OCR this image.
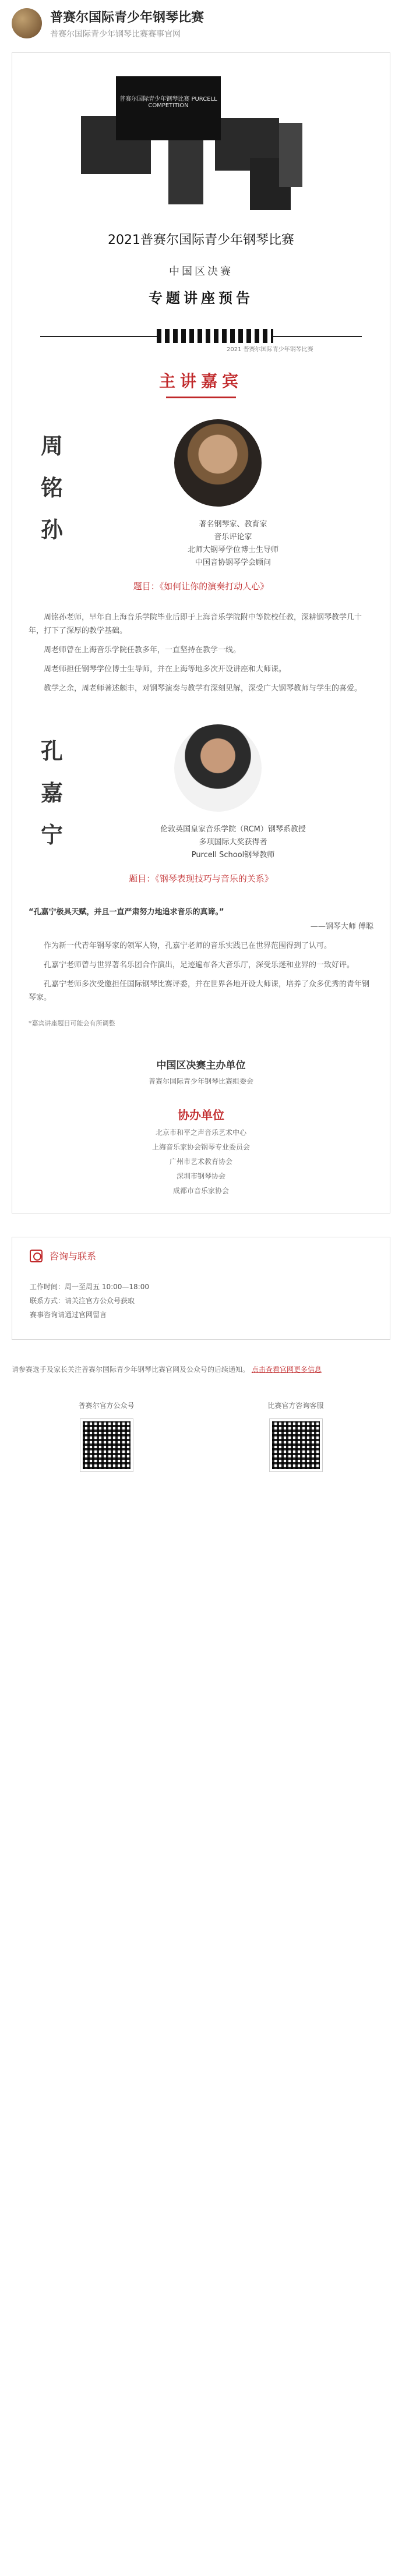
普赛尔国际青少年钢琴比赛
普赛尔国际青少年钢琴比赛赛事官网
普赛尔国际青少年钢琴比赛 PURCELL COMPETITION
2021普赛尔国际青少年钢琴比赛
中国区决赛
专题讲座预告
2021 普赛尔国际青少年钢琴比赛
主讲嘉宾
周铭孙	著名钢琴家、教育家
音乐评论家
北师大钢琴学位博士生导师
中国音协钢琴学会顾问
题目：《如何让你的演奏打动人心》

周铭孙老师，早年自上海音乐学院毕业后即于上海音乐学院附中等院校任教，深耕钢琴教学几十年，打下了深厚的教学基础。

周老师曾在上海音乐学院任教多年，一直坚持在教学一线。

周老师担任钢琴学位博士生导师，并在上海等地多次开设讲座和大师课。

教学之余，周老师著述颇丰，对钢琴演奏与教学有深刻见解，深受广大钢琴教师与学生的喜爱。

孔嘉宁	伦敦英国皇家音乐学院（RCM）钢琴系教授
多项国际大奖获得者
Purcell School钢琴教师
题目：《钢琴表现技巧与音乐的关系》
“孔嘉宁极具天赋，并且一直严肃努力地追求音乐的真谛。”
——钢琴大师 傅聪

作为新一代青年钢琴家的领军人物，孔嘉宁老师的音乐实践已在世界范围得到了认可。

孔嘉宁老师曾与世界著名乐团合作演出，足迹遍布各大音乐厅，深受乐迷和业界的一致好评。

孔嘉宁老师多次受邀担任国际钢琴比赛评委，并在世界各地开设大师课，培养了众多优秀的青年钢琴家。

*嘉宾讲座题目可能会有所调整
中国区决赛主办单位
普赛尔国际青少年钢琴比赛组委会
协办单位
北京市和平之声音乐艺术中心
上海音乐家协会钢琴专业委员会
广州市艺术教育协会
深圳市钢琴协会
成都市音乐家协会
咨询与联系
工作时间：周一至周五 10:00—18:00
联系方式：请关注官方公众号获取
赛事咨询请通过官网留言
请参赛选手及家长关注普赛尔国际青少年钢琴比赛官网及公众号的后续通知。 点击查看官网更多信息
普赛尔官方公众号	比赛官方咨询客服
